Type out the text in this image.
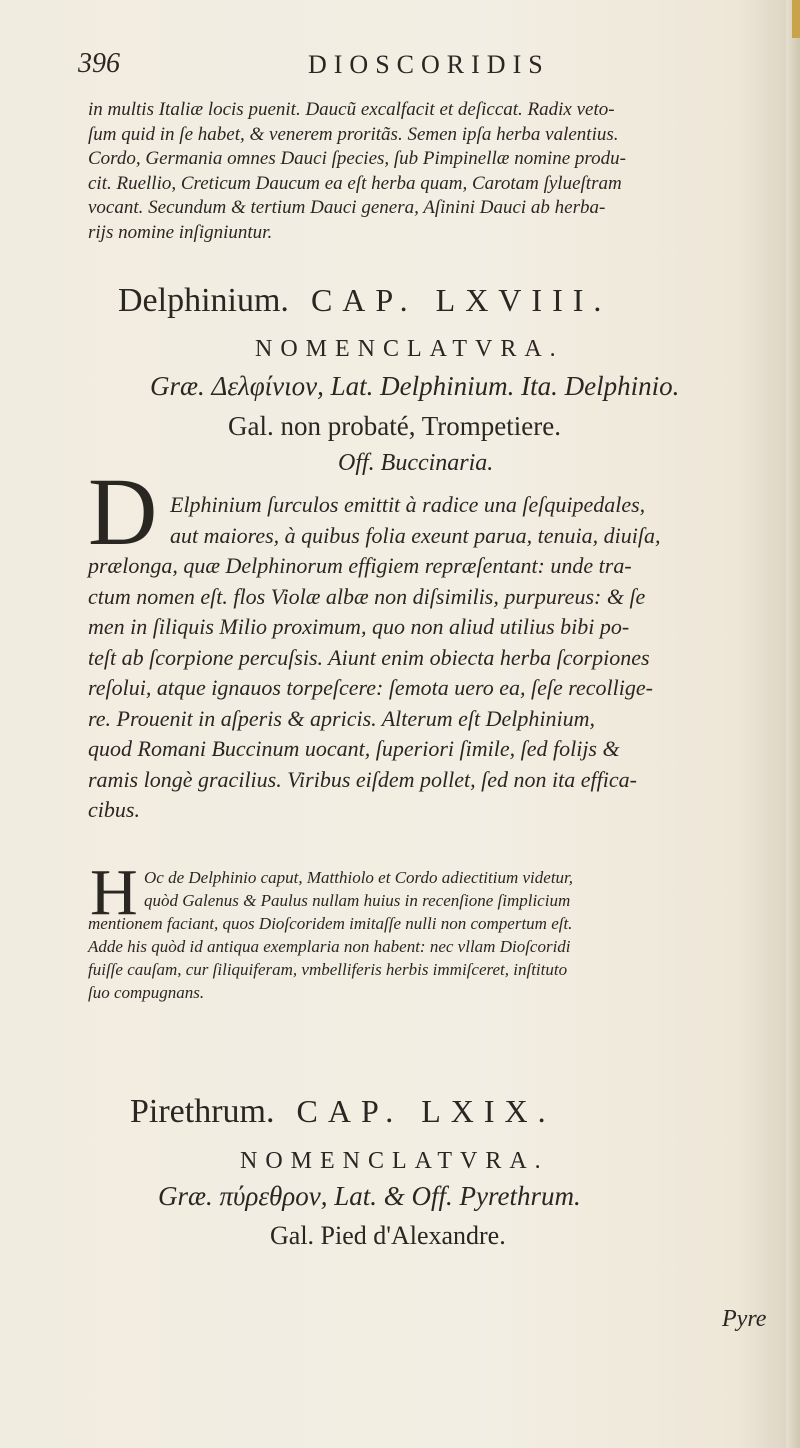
396	DIOSCORIDIS

in multis Italiæ locis puenit. Daucũ excalfacit et deſiccat. Radix veto-

ſum quid in ſe habet, & venerem proritãs. Semen ipſa herba valentius.

Cordo, Germania omnes Dauci ſpecies, ſub Pimpinellæ nomine produ-

cit. Ruellio, Creticum Daucum ea eſt herba quam, Carotam ſylueſtram

vocant. Secundum & tertium Dauci genera, Aſinini Dauci ab herba-

rijs nomine inſigniuntur.

Delphinium. CAP. LXVIII.
NOMENCLATVRA.
Græ. Δελφίνιον, Lat. Delphinium. Ita. Delphinio.
Gal. non probaté, Trompetiere.
Off. Buccinaria.
D Elphinium ſurculos emittit à radice una ſeſquipedales,

aut maiores, à quibus folia exeunt parua, tenuia, diuiſa,

prælonga, quæ Delphinorum effigiem repræſentant: unde tra-

ctum nomen eſt. flos Violæ albæ non diſsimilis, purpureus: & ſe

men in ſiliquis Milio proximum, quo non aliud utilius bibi po-

teſt ab ſcorpione percuſsis. Aiunt enim obiecta herba ſcorpiones

reſolui, atque ignauos torpeſcere: ſemota uero ea, ſeſe recollige-

re. Prouenit in aſperis & apricis. Alterum eſt Delphinium,

quod Romani Buccinum uocant, ſuperiori ſimile, ſed folijs &

ramis longè gracilius. Viribus eiſdem pollet, ſed non ita effica-

cibus.

H Oc de Delphinio caput, Matthiolo et Cordo adiectitium videtur,

quòd Galenus & Paulus nullam huius in recenſione ſimplicium

mentionem faciant, quos Dioſcoridem imitaſſe nulli non compertum eſt.

Adde his quòd id antiqua exemplaria non habent: nec vllam Dioſcoridi

fuiſſe cauſam, cur ſiliquiferam, vmbelliferis herbis immiſceret, inſtituto

ſuo compugnans.

Pirethrum. CAP. LXIX.
NOMENCLATVRA.
Græ. πύρεθρον, Lat. & Off. Pyrethrum.
Gal. Pied d'Alexandre.
Pyre
